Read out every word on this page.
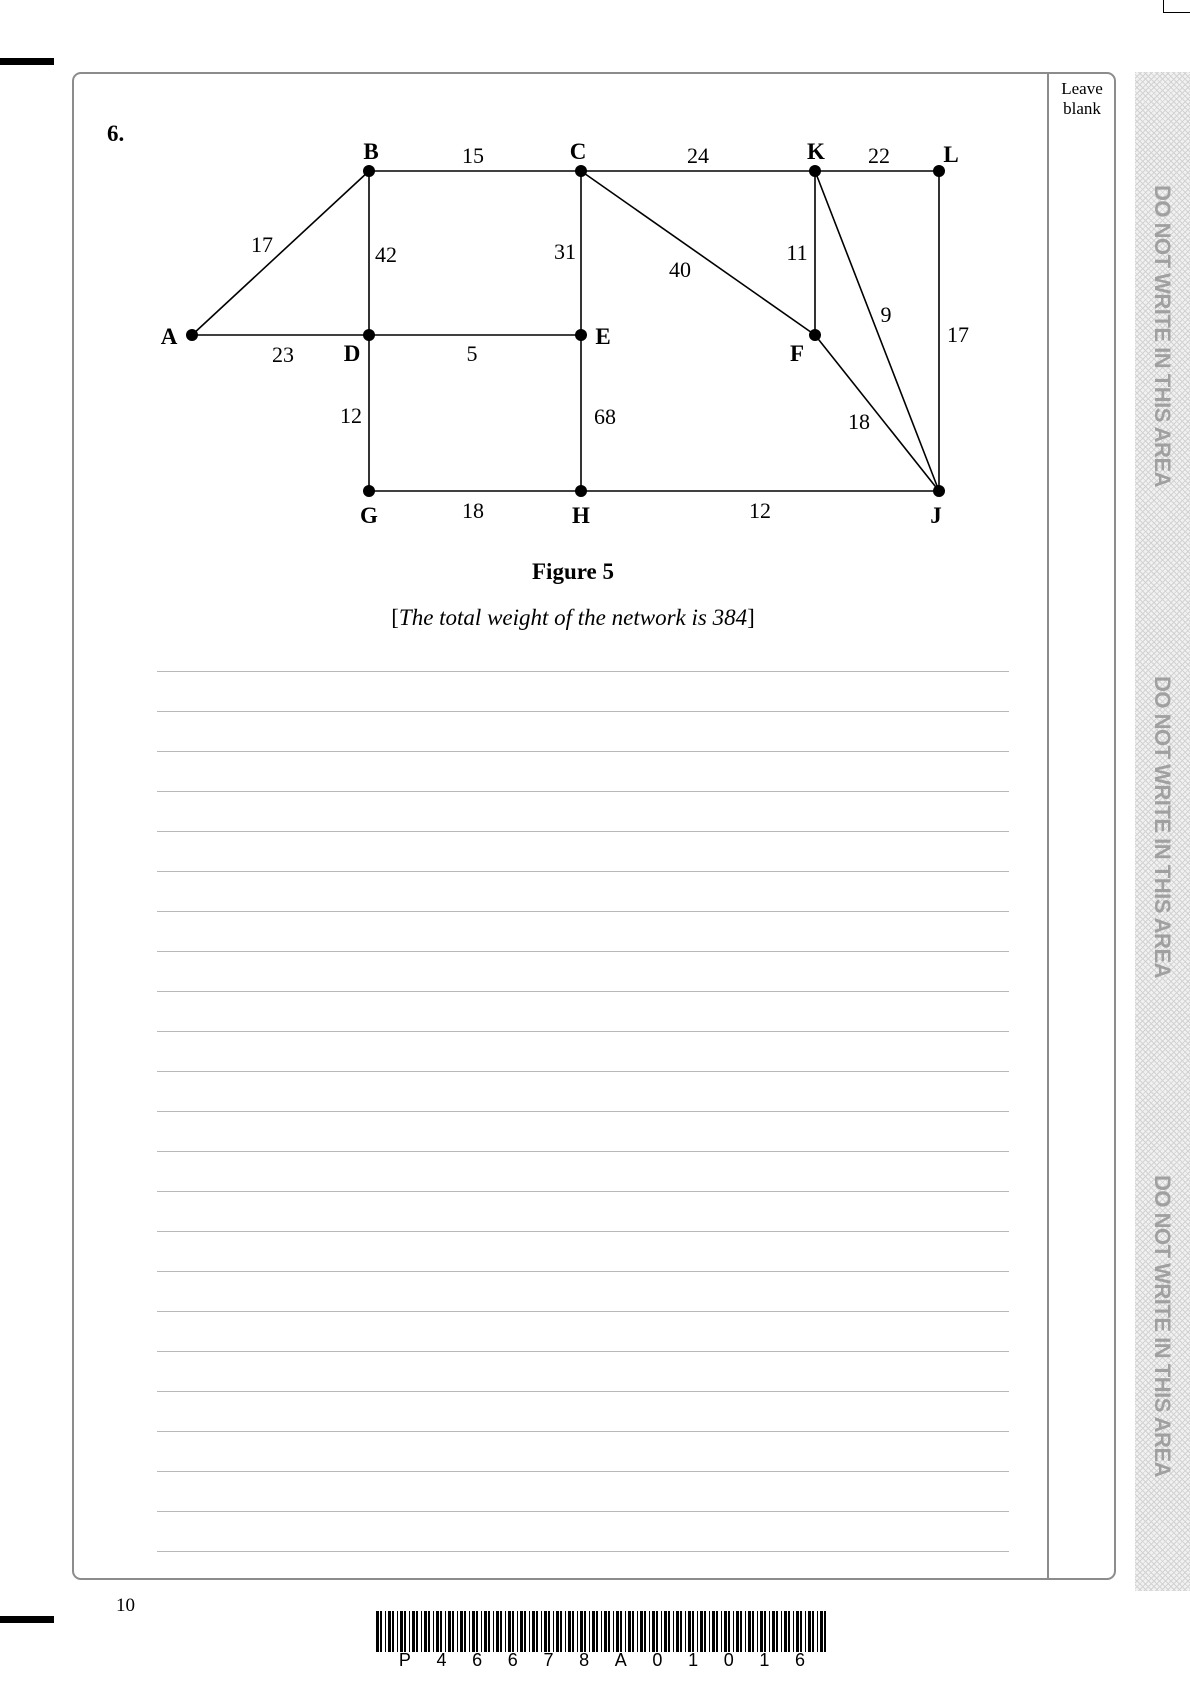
DO NOT WRITE IN THIS AREA
DO NOT WRITE IN THIS AREA
DO NOT WRITE IN THIS AREA
Leave blank
6.
17
23
15
42
24
31
40
22
11
9
17
5
12	68	18
18	12
A
B	C
D
E
F
G	H	J
K	L
Figure 5
[The total weight of the network is 384]
10
P 4 6 6 7 8 A 0 1 0 1 6
